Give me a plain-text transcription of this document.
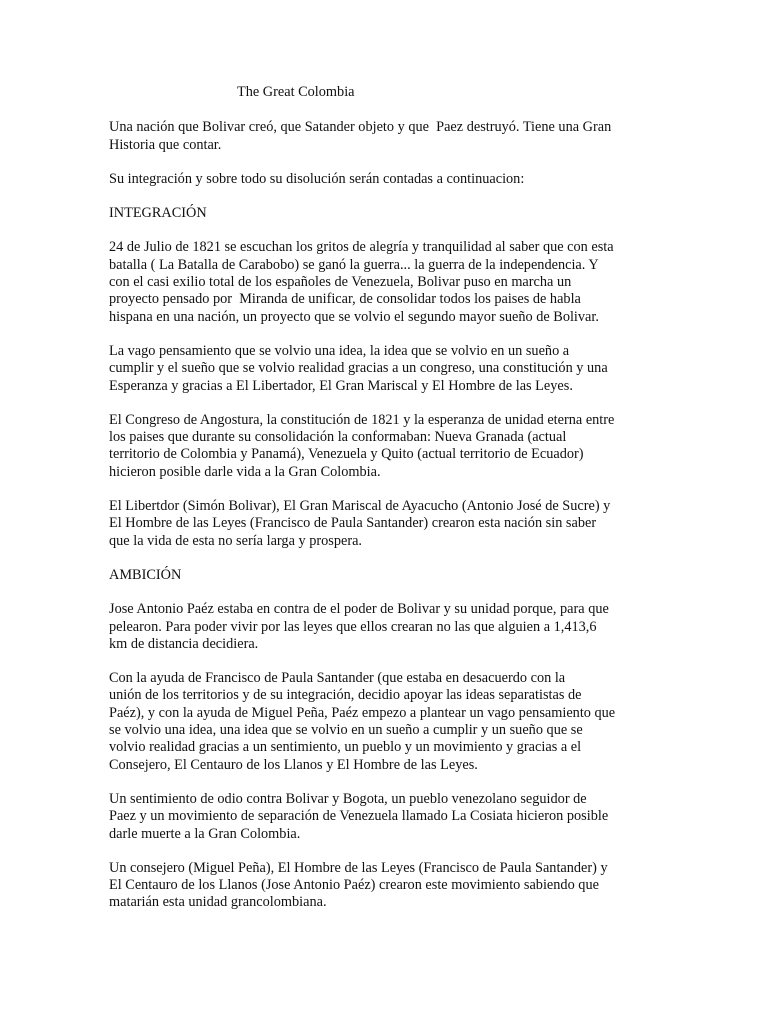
The Great Colombia
Una nación que Bolivar creó, que Satander objeto y que  Paez destruyó. Tiene una Gran
Historia que contar.
Su integración y sobre todo su disolución serán contadas a continuacion:
INTEGRACIÓN
24 de Julio de 1821 se escuchan los gritos de alegría y tranquilidad al saber que con esta
batalla ( La Batalla de Carabobo) se ganó la guerra... la guerra de la independencia. Y
con el casi exilio total de los españoles de Venezuela, Bolivar puso en marcha un
proyecto pensado por  Miranda de unificar, de consolidar todos los paises de habla
hispana en una nación, un proyecto que se volvio el segundo mayor sueño de Bolivar.
La vago pensamiento que se volvio una idea, la idea que se volvio en un sueño a
cumplir y el sueño que se volvio realidad gracias a un congreso, una constitución y una
Esperanza y gracias a El Libertador, El Gran Mariscal y El Hombre de las Leyes.
El Congreso de Angostura, la constitución de 1821 y la esperanza de unidad eterna entre
los paises que durante su consolidación la conformaban: Nueva Granada (actual
territorio de Colombia y Panamá), Venezuela y Quito (actual territorio de Ecuador)
hicieron posible darle vida a la Gran Colombia.
El Libertdor (Simón Bolivar), El Gran Mariscal de Ayacucho (Antonio José de Sucre) y
El Hombre de las Leyes (Francisco de Paula Santander) crearon esta nación sin saber
que la vida de esta no sería larga y prospera.
AMBICIÓN
Jose Antonio Paéz estaba en contra de el poder de Bolivar y su unidad porque, para que
pelearon. Para poder vivir por las leyes que ellos crearan no las que alguien a 1,413,6
km de distancia decidiera.
Con la ayuda de Francisco de Paula Santander (que estaba en desacuerdo con la
unión de los territorios y de su integración, decidio apoyar las ideas separatistas de
Paéz), y con la ayuda de Miguel Peña, Paéz empezo a plantear un vago pensamiento que
se volvio una idea, una idea que se volvio en un sueño a cumplir y un sueño que se
volvio realidad gracias a un sentimiento, un pueblo y un movimiento y gracias a el
Consejero, El Centauro de los Llanos y El Hombre de las Leyes.
Un sentimiento de odio contra Bolivar y Bogota, un pueblo venezolano seguidor de
Paez y un movimiento de separación de Venezuela llamado La Cosiata hicieron posible
darle muerte a la Gran Colombia.
Un consejero (Miguel Peña), El Hombre de las Leyes (Francisco de Paula Santander) y
El Centauro de los Llanos (Jose Antonio Paéz) crearon este movimiento sabiendo que
matarián esta unidad grancolombiana.
